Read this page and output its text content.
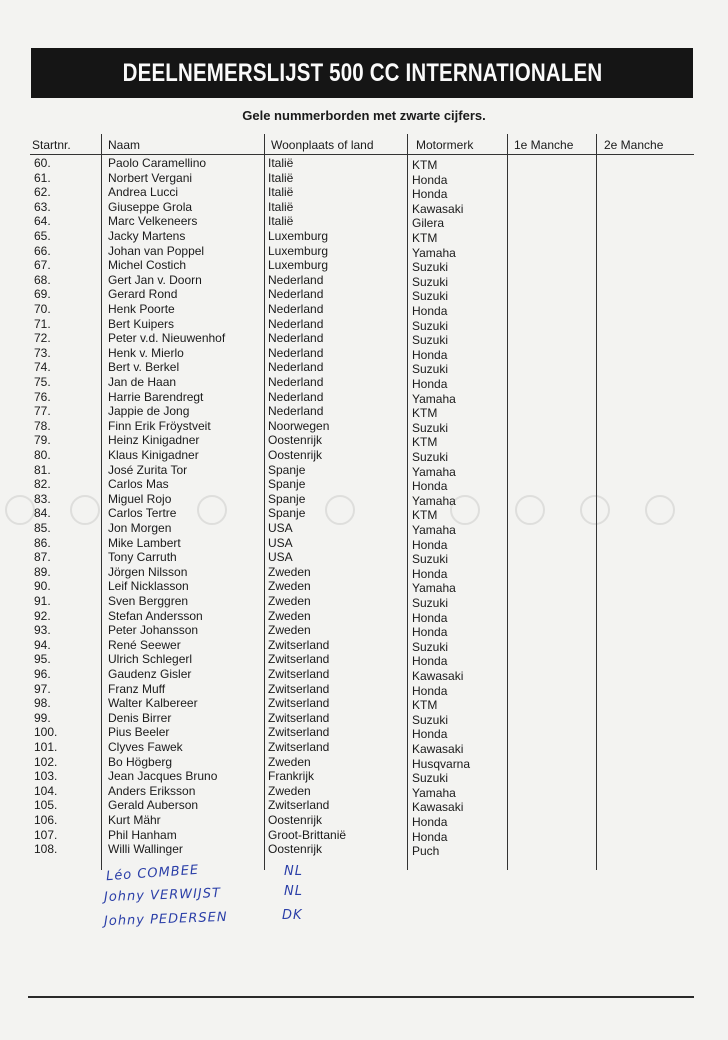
DEELNEMERSLIJST 500 CC INTERNATIONALEN
Gele nummerborden met zwarte cijfers.
Startnr.	Naam	Woonplaats of land	Motormerk	1e Manche	2e Manche
60.	Paolo Caramellino	Italië	KTM
61.	Norbert Vergani	Italië	Honda
62.	Andrea Lucci	Italië	Honda
63.	Giuseppe Grola	Italië	Kawasaki
64.	Marc Velkeneers	Italië	Gilera
65.	Jacky Martens	Luxemburg	KTM
66.	Johan van Poppel	Luxemburg	Yamaha
67.	Michel Costich	Luxemburg	Suzuki
68.	Gert Jan v. Doorn	Nederland	Suzuki
69.	Gerard Rond	Nederland	Suzuki
70.	Henk Poorte	Nederland	Honda
71.	Bert Kuipers	Nederland	Suzuki
72.	Peter v.d. Nieuwenhof	Nederland	Suzuki
73.	Henk v. Mierlo	Nederland	Honda
74.	Bert v. Berkel	Nederland	Suzuki
75.	Jan de Haan	Nederland	Honda
76.	Harrie Barendregt	Nederland	Yamaha
77.	Jappie de Jong	Nederland	KTM
78.	Finn Erik Fröystveit	Noorwegen	Suzuki
79.	Heinz Kinigadner	Oostenrijk	KTM
80.	Klaus Kinigadner	Oostenrijk	Suzuki
81.	José Zurita Tor	Spanje	Yamaha
82.	Carlos Mas	Spanje	Honda
83.	Miguel Rojo	Spanje	Yamaha
84.	Carlos Tertre	Spanje	KTM
85.	Jon Morgen	USA	Yamaha
86.	Mike Lambert	USA	Honda
87.	Tony Carruth	USA	Suzuki
89.	Jörgen Nilsson	Zweden	Honda
90.	Leif Nicklasson	Zweden	Yamaha
91.	Sven Berggren	Zweden	Suzuki
92.	Stefan Andersson	Zweden	Honda
93.	Peter Johansson	Zweden	Honda
94.	René Seewer	Zwitserland	Suzuki
95.	Ulrich Schlegerl	Zwitserland	Honda
96.	Gaudenz Gisler	Zwitserland	Kawasaki
97.	Franz Muff	Zwitserland	Honda
98.	Walter Kalbereer	Zwitserland	KTM
99.	Denis Birrer	Zwitserland	Suzuki
100.	Pius Beeler	Zwitserland	Honda
101.	Clyves Fawek	Zwitserland	Kawasaki
102.	Bo Högberg	Zweden	Husqvarna
103.	Jean Jacques Bruno	Frankrijk	Suzuki
104.	Anders Eriksson	Zweden	Yamaha
105.	Gerald Auberson	Zwitserland	Kawasaki
106.	Kurt Mähr	Oostenrijk	Honda
107.	Phil Hanham	Groot-Brittanië	Honda
108.	Willi Wallinger	Oostenrijk	Puch
Léo COMBEE	NL
Johny VERWIJST	NL
Johny PEDERSEN	DK
